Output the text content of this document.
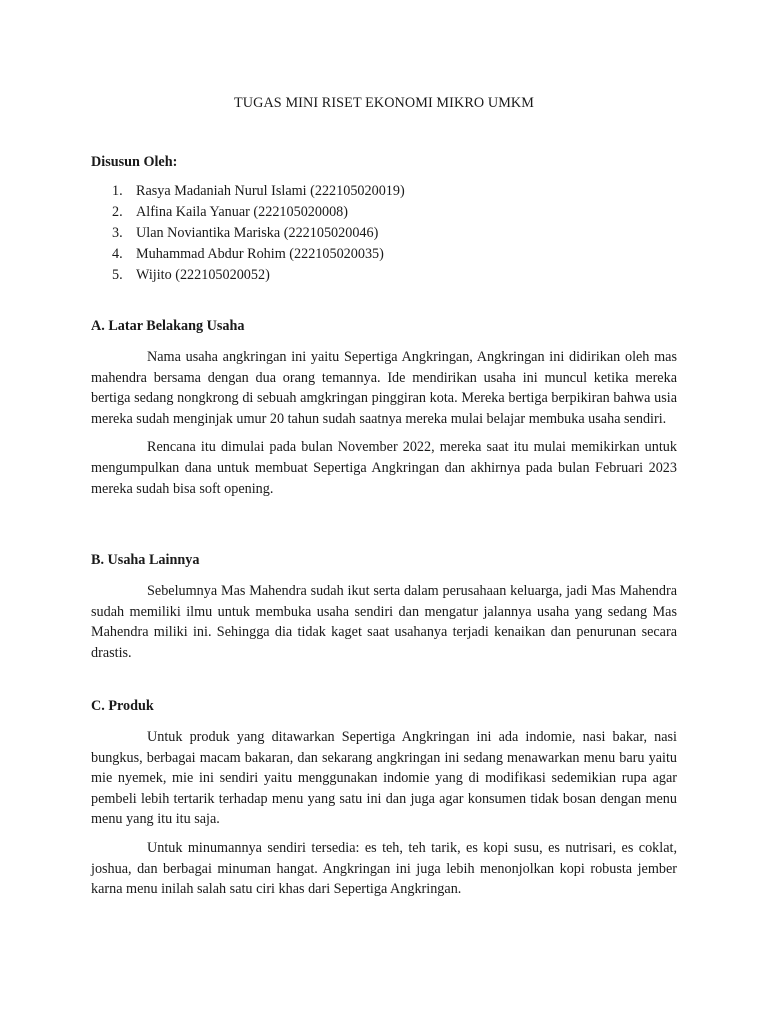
TUGAS MINI RISET EKONOMI MIKRO UMKM
Disusun Oleh:
1. Rasya Madaniah Nurul Islami (222105020019)
2. Alfina Kaila Yanuar (222105020008)
3. Ulan Noviantika Mariska (222105020046)
4. Muhammad Abdur Rohim (222105020035)
5. Wijito (222105020052)
A. Latar Belakang Usaha

Nama usaha angkringan ini yaitu Sepertiga Angkringan, Angkringan ini didirikan oleh mas mahendra bersama dengan dua orang temannya. Ide mendirikan usaha ini muncul ketika mereka bertiga sedang nongkrong di sebuah amgkringan pinggiran kota. Mereka bertiga berpikiran bahwa usia mereka sudah menginjak umur 20 tahun sudah saatnya mereka mulai belajar membuka usaha sendiri.

Rencana itu dimulai pada bulan November 2022, mereka saat itu mulai memikirkan untuk mengumpulkan dana untuk membuat Sepertiga Angkringan dan akhirnya pada bulan Februari 2023 mereka sudah bisa soft opening.

B. Usaha Lainnya

Sebelumnya Mas Mahendra sudah ikut serta dalam perusahaan keluarga, jadi Mas Mahendra sudah memiliki ilmu untuk membuka usaha sendiri dan mengatur jalannya usaha yang sedang Mas Mahendra miliki ini. Sehingga dia tidak kaget saat usahanya terjadi kenaikan dan penurunan secara drastis.

C. Produk

Untuk produk yang ditawarkan Sepertiga Angkringan ini ada indomie, nasi bakar, nasi bungkus, berbagai macam bakaran, dan sekarang angkringan ini sedang menawarkan menu baru yaitu mie nyemek, mie ini sendiri yaitu menggunakan indomie yang di modifikasi sedemikian rupa agar pembeli lebih tertarik terhadap menu yang satu ini dan juga agar konsumen tidak bosan dengan menu menu yang itu itu saja.

Untuk minumannya sendiri tersedia: es teh, teh tarik, es kopi susu, es nutrisari, es coklat, joshua, dan berbagai minuman hangat. Angkringan ini juga lebih menonjolkan kopi robusta jember karna menu inilah salah satu ciri khas dari Sepertiga Angkringan.
